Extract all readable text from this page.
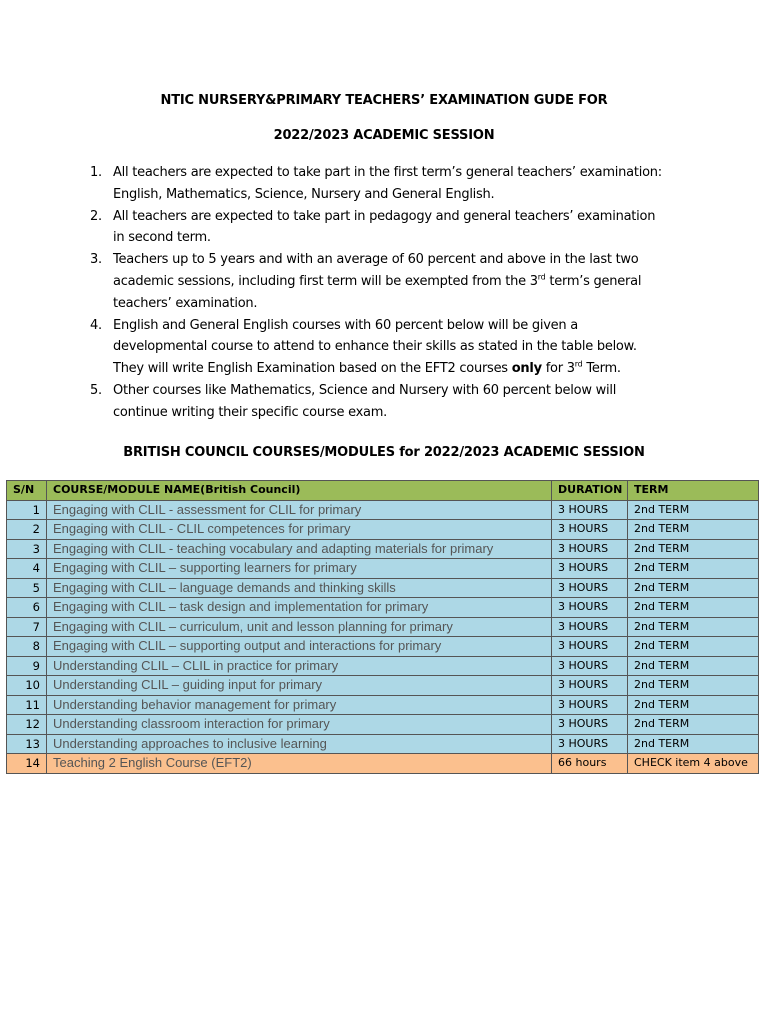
NTIC NURSERY&PRIMARY TEACHERS’ EXAMINATION GUDE FOR
2022/2023 ACADEMIC SESSION
1. All teachers are expected to take part in the first term’s general teachers’ examination: English, Mathematics, Science, Nursery and General English.
2. All teachers are expected to take part in pedagogy and general teachers’ examination in second term.
3. Teachers up to 5 years and with an average of 60 percent and above in the last two academic sessions, including first term will be exempted from the 3rd term’s general teachers’ examination.
4. English and General English courses with 60 percent below will be given a developmental course to attend to enhance their skills as stated in the table below. They will write English Examination based on the EFT2 courses only for 3rd Term.
5. Other courses like Mathematics, Science and Nursery with 60 percent below will continue writing their specific course exam.
BRITISH COUNCIL COURSES/MODULES for 2022/2023 ACADEMIC SESSION
S/N	COURSE/MODULE NAME(British Council)	DURATION	TERM
1	Engaging with CLIL - assessment for CLIL for primary	3 HOURS	2nd TERM
2	Engaging with CLIL - CLIL competences for primary	3 HOURS	2nd TERM
3	Engaging with CLIL - teaching vocabulary and adapting materials for primary	3 HOURS	2nd TERM
4	Engaging with CLIL – supporting learners for primary	3 HOURS	2nd TERM
5	Engaging with CLIL – language demands and thinking skills	3 HOURS	2nd TERM
6	Engaging with CLIL – task design and implementation for primary	3 HOURS	2nd TERM
7	Engaging with CLIL – curriculum, unit and lesson planning for primary	3 HOURS	2nd TERM
8	Engaging with CLIL – supporting output and interactions for primary	3 HOURS	2nd TERM
9	Understanding CLIL – CLIL in practice for primary	3 HOURS	2nd TERM
10	Understanding CLIL – guiding input for primary	3 HOURS	2nd TERM
11	Understanding behavior management for primary	3 HOURS	2nd TERM
12	Understanding classroom interaction for primary	3 HOURS	2nd TERM
13	Understanding approaches to inclusive learning	3 HOURS	2nd TERM
14	Teaching 2 English Course (EFT2)	66 hours	CHECK item 4 above
